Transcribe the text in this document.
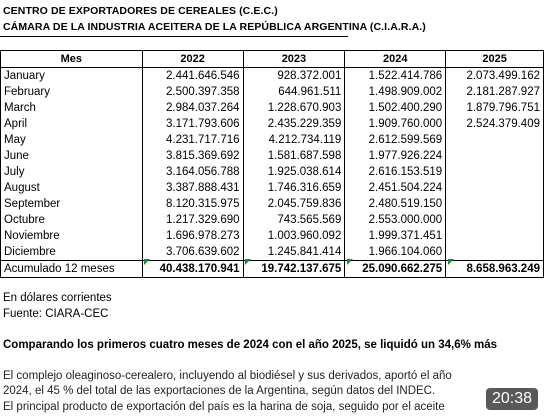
CENTRO DE EXPORTADORES DE CEREALES (C.E.C.)
CÁMARA DE LA INDUSTRIA ACEITERA DE LA REPÚBLICA ARGENTINA (C.I.A.R.A.)
Mes	2022	2023	2024	2025
January	2.441.646.546	928.372.001	1.522.414.786	2.073.499.162
February	2.500.397.358	644.961.511	1.498.909.002	2.181.287.927
March	2.984.037.264	1.228.670.903	1.502.400.290	1.879.796.751
April	3.171.793.606	2.435.229.359	1.909.760.000	2.524.379.409
May	4.231.717.716	4.212.734.119	2.612.599.569	
June	3.815.369.692	1.581.687.598	1.977.926.224	
July	3.164.056.788	1.925.038.614	2.616.153.519	
August	3.387.888.431	1.746.316.659	2.451.504.224	
September	8.120.315.975	2.045.759.836	2.480.519.150	
Octubre	1.217.329.690	743.565.569	2.553.000.000	
Noviembre	1.696.978.273	1.003.960.092	1.999.371.451	
Diciembre	3.706.639.602	1.245.841.414	1.966.104.060	
Acumulado 12 meses	40.438.170.941	19.742.137.675	25.090.662.275	8.658.963.249
En dólares corrientes
Fuente: CIARA-CEC
Comparando los primeros cuatro meses de 2024 con el año 2025, se liquidó un 34,6% más

El complejo oleaginoso-cerealero, incluyendo al biodiésel y sus derivados, aportó el año

2024, el 45 % del total de las exportaciones de la Argentina, según datos del INDEC.

El principal producto de exportación del país es la harina de soja, seguido por el aceite	20:38
